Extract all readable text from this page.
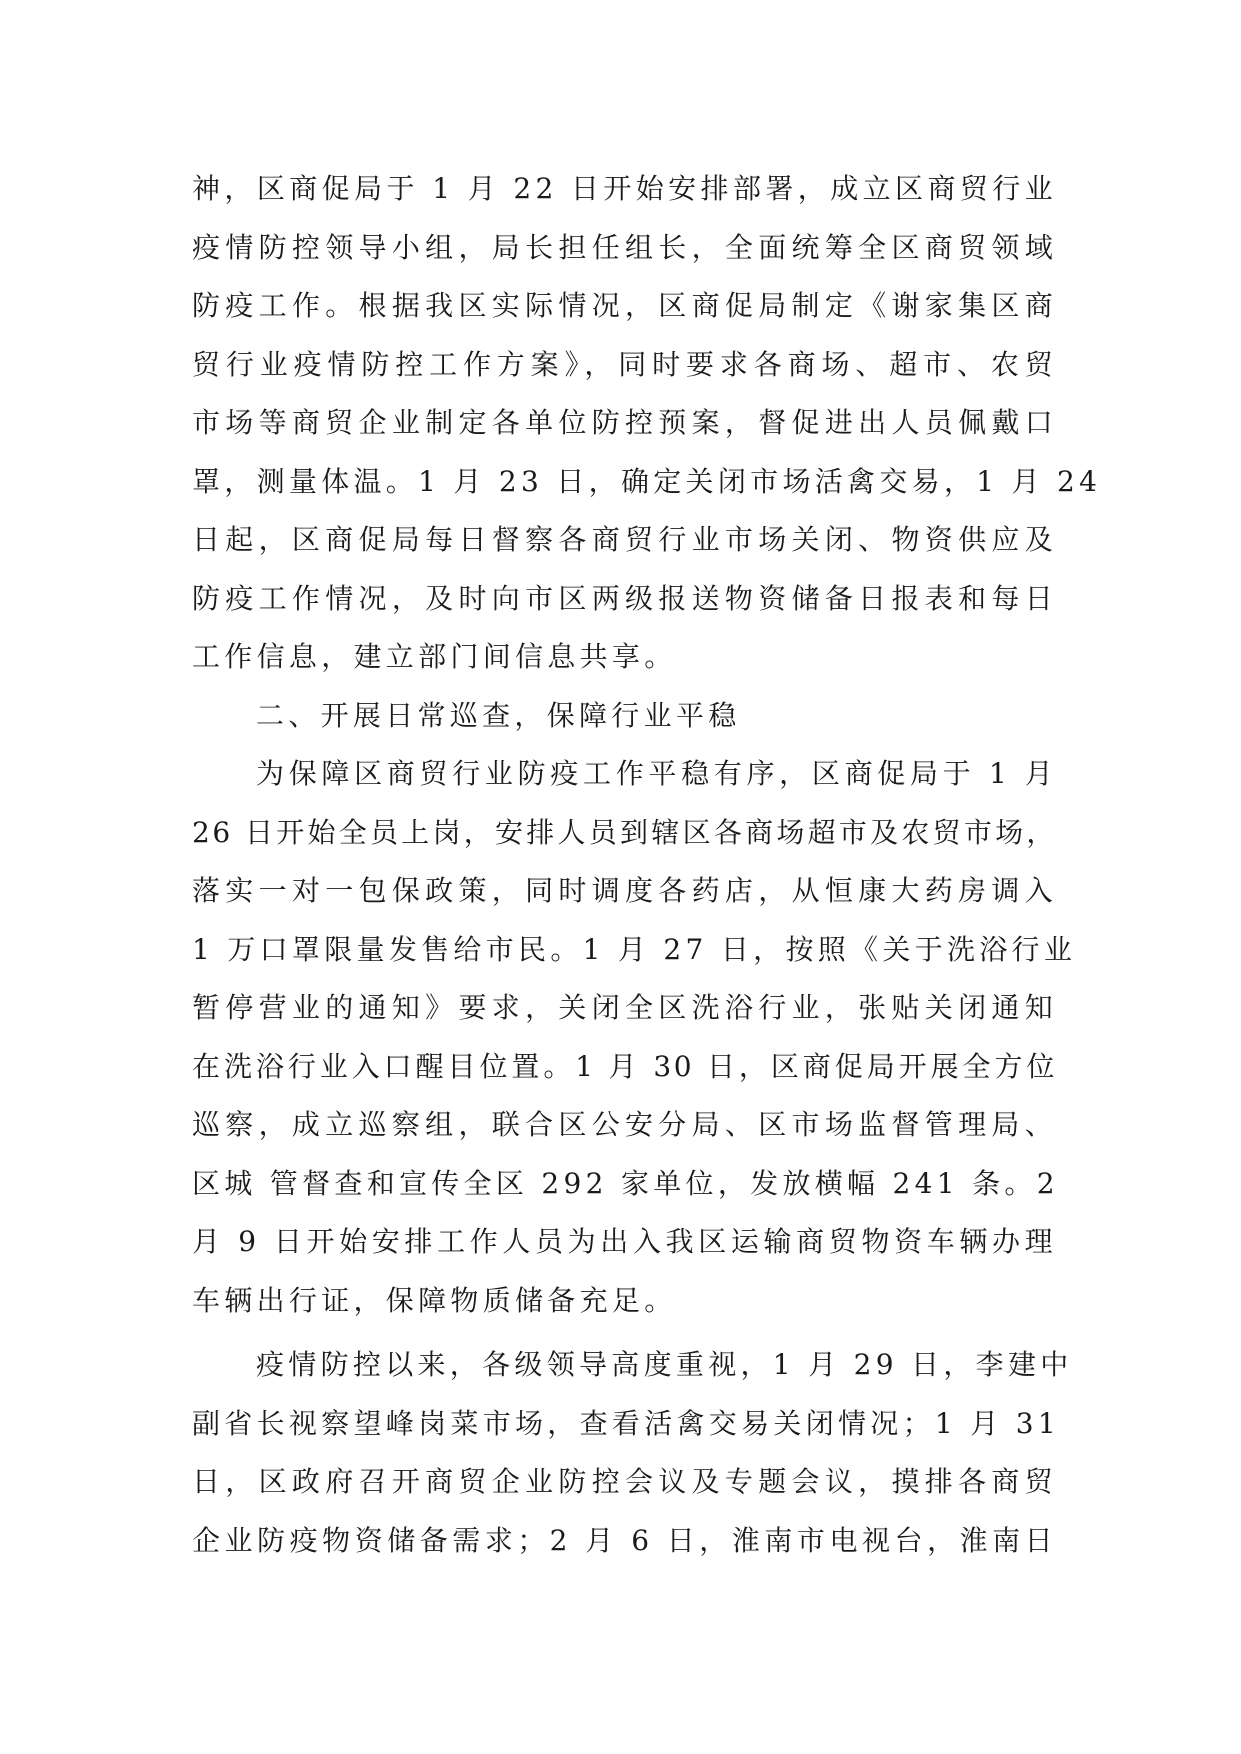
神，区商促局于 1 月 22 日开始安排部署，成立区商贸行业
疫情防控领导小组，局长担任组长，全面统筹全区商贸领域
防疫工作。根据我区实际情况，区商促局制定《谢家集区商
贸行业疫情防控工作方案》，同时要求各商场、超市、农贸
市场等商贸企业制定各单位防控预案，督促进出人员佩戴口
罩，测量体温。1 月 23 日，确定关闭市场活禽交易，1 月 24
日起，区商促局每日督察各商贸行业市场关闭、物资供应及
防疫工作情况，及时向市区两级报送物资储备日报表和每日
工作信息，建立部门间信息共享。
二、开展日常巡查，保障行业平稳
为保障区商贸行业防疫工作平稳有序，区商促局于 1 月
26 日开始全员上岗，安排人员到辖区各商场超市及农贸市场，
落实一对一包保政策，同时调度各药店，从恒康大药房调入
1 万口罩限量发售给市民。1 月 27 日，按照《关于洗浴行业
暂停营业的通知》要求，关闭全区洗浴行业，张贴关闭通知
在洗浴行业入口醒目位置。1 月 30 日，区商促局开展全方位
巡察，成立巡察组，联合区公安分局、区市场监督管理局、
区城 管督查和宣传全区 292 家单位，发放横幅 241 条。2
月 9 日开始安排工作人员为出入我区运输商贸物资车辆办理
车辆出行证，保障物质储备充足。
疫情防控以来，各级领导高度重视，1 月 29 日，李建中
副省长视察望峰岗菜市场，查看活禽交易关闭情况；1 月 31
日，区政府召开商贸企业防控会议及专题会议，摸排各商贸
企业防疫物资储备需求；2 月 6 日，淮南市电视台，淮南日
